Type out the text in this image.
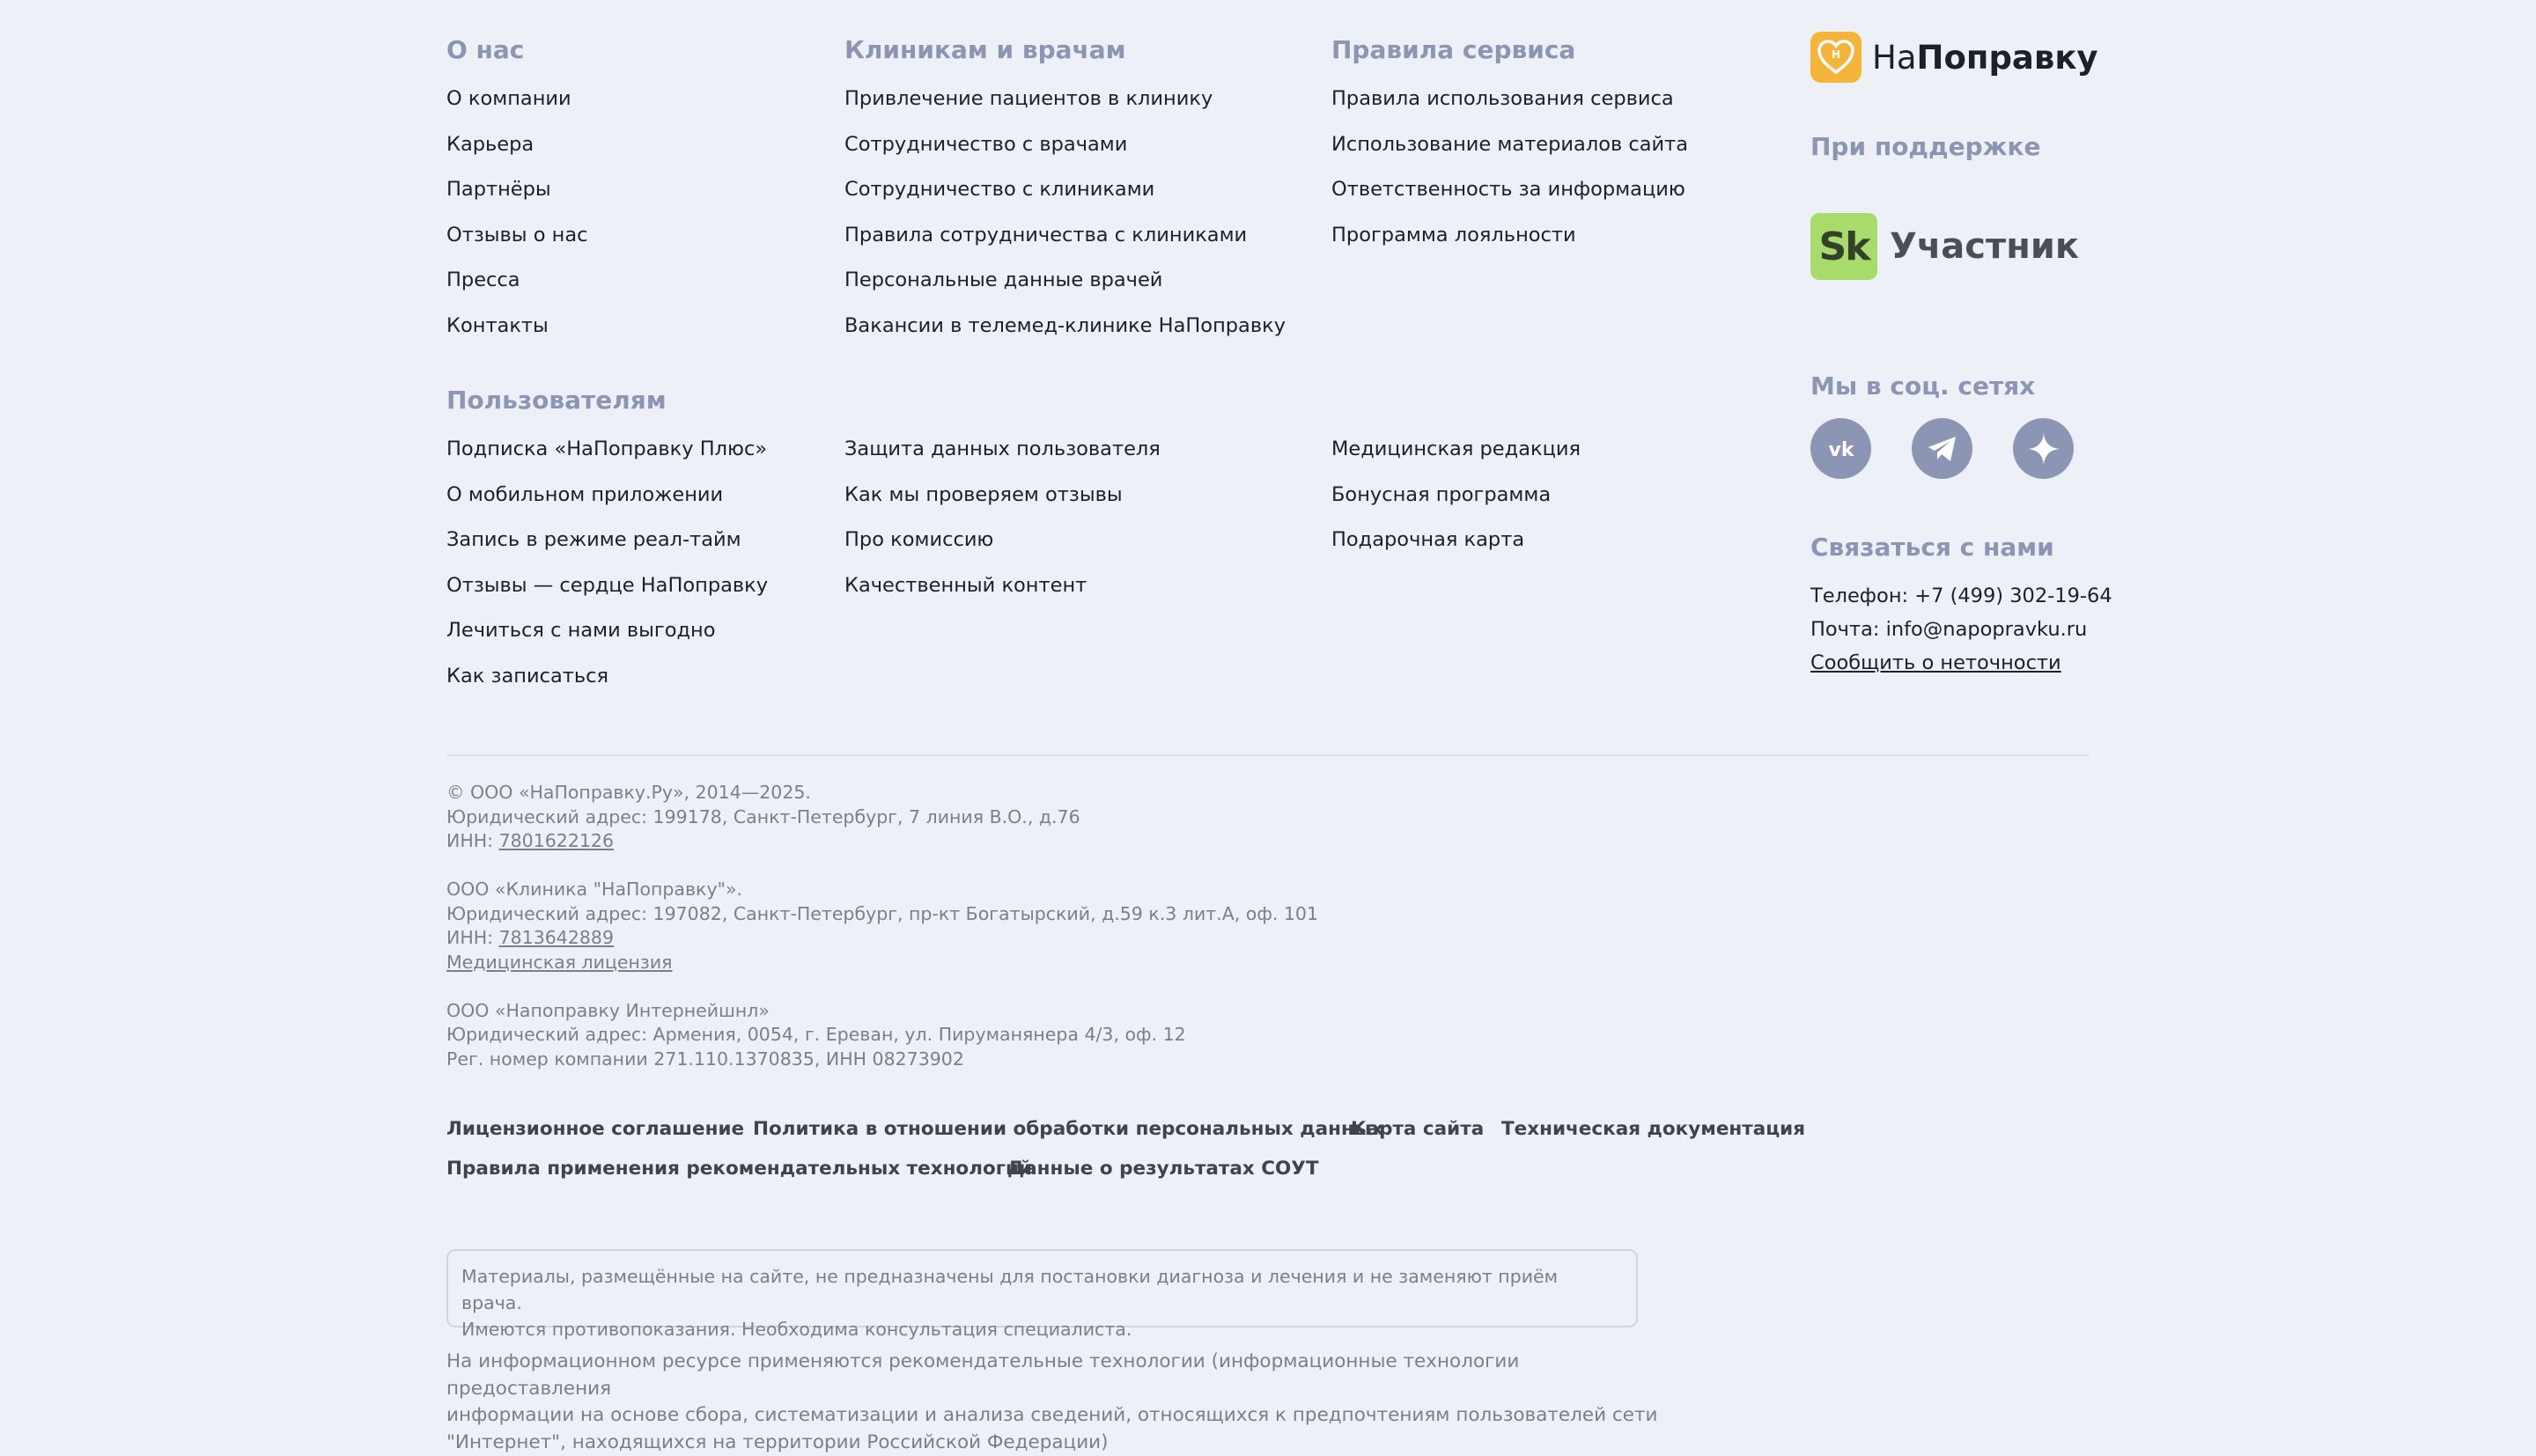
О нас
О компании
Карьера
Партнёры
Отзывы о нас
Пресса
Контакты
Клиникам и врачам
Привлечение пациентов в клинику
Сотрудничество с врачами
Сотрудничество с клиниками
Правила сотрудничества с клиниками
Персональные данные врачей
Вакансии в телемед-клинике НаПоправку
Правила сервиса
Правила использования сервиса
Использование материалов сайта
Ответственность за информацию
Программа лояльности
Пользователям
Подписка «НаПоправку Плюс»
О мобильном приложении
Запись в режиме реал-тайм
Отзывы — сердце НаПоправку
Лечиться с нами выгодно
Как записаться
Защита данных пользователя
Как мы проверяем отзывы
Про комиссию
Качественный контент
Медицинская редакция
Бонусная программа
Подарочная карта
Н НаПоправку
При поддержке
Sk Участник
Мы в соц. сетях
vk
Связаться с нами
Телефон: +7 (499) 302-19-64
Почта: info@napopravku.ru
Сообщить о неточности
© ООО «НаПоправку.Ру», 2014—2025.
Юридический адрес: 199178, Санкт-Петербург, 7 линия В.О., д.76
ИНН: 7801622126
ООО «Клиника "НаПоправку"».
Юридический адрес: 197082, Санкт-Петербург, пр-кт Богатырский, д.59 к.3 лит.А, оф. 101
ИНН: 7813642889
Медицинская лицензия
ООО «Напоправку Интернейшнл»
Юридический адрес: Армения, 0054, г. Ереван, ул. Пируманянера 4/3, оф. 12
Рег. номер компании 271.110.1370835, ИНН 08273902
Лицензионное соглашение Политика в отношении обработки персональных данных
Карта сайта Техническая документация
Правила применения рекомендательных технологий
Данные о результатах СОУТ
Материалы, размещённые на сайте, не предназначены для постановки диагноза и лечения и не заменяют приём врача.
Имеются противопоказания. Необходима консультация специалиста.
На информационном ресурсе применяются рекомендательные технологии (информационные технологии предоставления
информации на основе сбора, систематизации и анализа сведений, относящихся к предпочтениям пользователей сети
"Интернет", находящихся на территории Российской Федерации)
